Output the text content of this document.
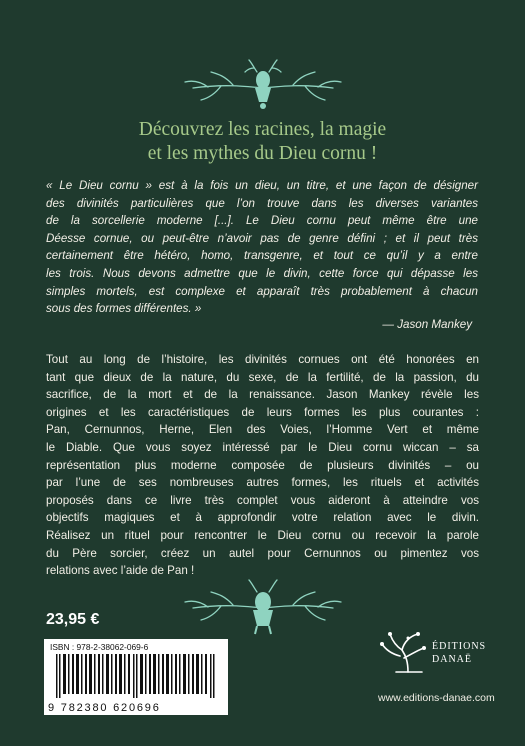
Découvrez les racines, la magie
et les mythes du Dieu cornu !
« Le Dieu cornu » est à la fois un dieu, un titre, et une façon de désigner
des divinités particulières que l’on trouve dans les diverses variantes
de la sorcellerie moderne [...]. Le Dieu cornu peut même être une
Déesse cornue, ou peut-être n’avoir pas de genre défini ; et il peut très
certainement être hétéro, homo, transgenre, et tout ce qu’il y a entre
les trois. Nous devons admettre que le divin, cette force qui dépasse les
simples mortels, est complexe et apparaît très probablement à chacun
sous des formes différentes. »
— Jason Mankey
Tout au long de l’histoire, les divinités cornues ont été honorées en
tant que dieux de la nature, du sexe, de la fertilité, de la passion, du
sacrifice, de la mort et de la renaissance. Jason Mankey révèle les
origines et les caractéristiques de leurs formes les plus courantes :
Pan, Cernunnos, Herne, Elen des Voies, l’Homme Vert et même
le Diable. Que vous soyez intéressé par le Dieu cornu wiccan – sa
représentation plus moderne composée de plusieurs divinités – ou
par l’une de ses nombreuses autres formes, les rituels et activités
proposés dans ce livre très complet vous aideront à atteindre vos
objectifs magiques et à approfondir votre relation avec le divin.
Réalisez un rituel pour rencontrer le Dieu cornu ou recevoir la parole
du Père sorcier, créez un autel pour Cernunnos ou pimentez vos
relations avec l’aide de Pan !
23,95 €
ISBN : 978-2-38062-069-6
9 782380 620696
ÉDITIONS
DANAË
www.editions-danae.com
